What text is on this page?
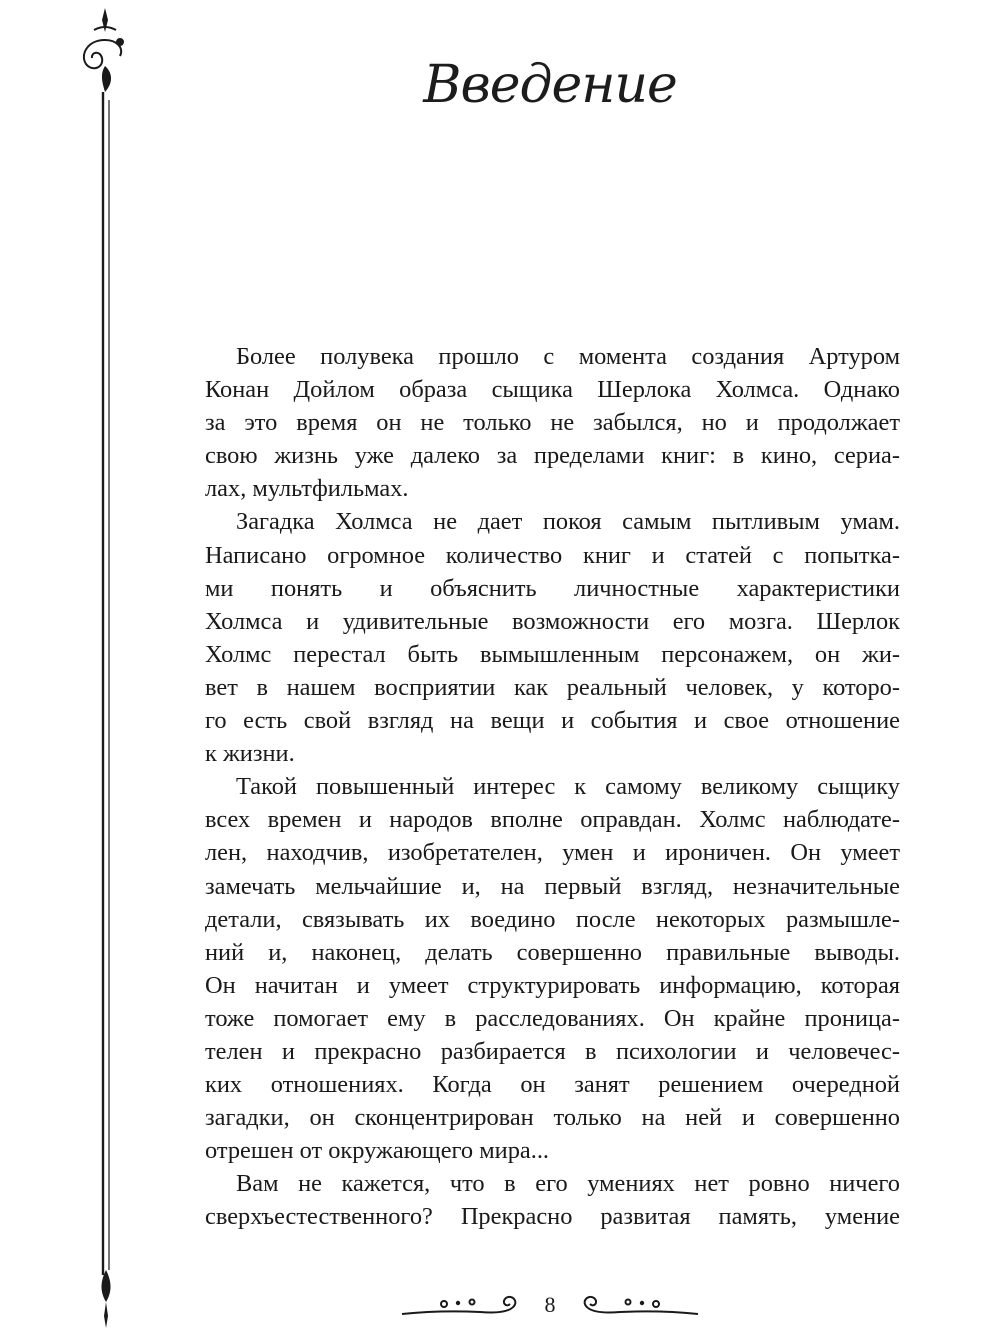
Введение
Более полувека прошло с момента создания Артуром
Конан Дойлом образа сыщика Шерлока Холмса. Однако
за это время он не только не забылся, но и продолжает
свою жизнь уже далеко за пределами книг: в кино, сериа-
лах, мультфильмах.
Загадка Холмса не дает покоя самым пытливым умам.
Написано огромное количество книг и статей с попытка-
ми понять и объяснить личностные характеристики
Холмса и удивительные возможности его мозга. Шерлок
Холмс перестал быть вымышленным персонажем, он жи-
вет в нашем восприятии как реальный человек, у которо-
го есть свой взгляд на вещи и события и свое отношение
к жизни.
Такой повышенный интерес к самому великому сыщику
всех времен и народов вполне оправдан. Холмс наблюдате-
лен, находчив, изобретателен, умен и ироничен. Он умеет
замечать мельчайшие и, на первый взгляд, незначительные
детали, связывать их воедино после некоторых размышле-
ний и, наконец, делать совершенно правильные выводы.
Он начитан и умеет структурировать информацию, которая
тоже помогает ему в расследованиях. Он крайне проница-
телен и прекрасно разбирается в психологии и человечес-
ких отношениях. Когда он занят решением очередной
загадки, он сконцентрирован только на ней и совершенно
отрешен от окружающего мира...
Вам не кажется, что в его умениях нет ровно ничего
сверхъестественного? Прекрасно развитая память, умение
8
